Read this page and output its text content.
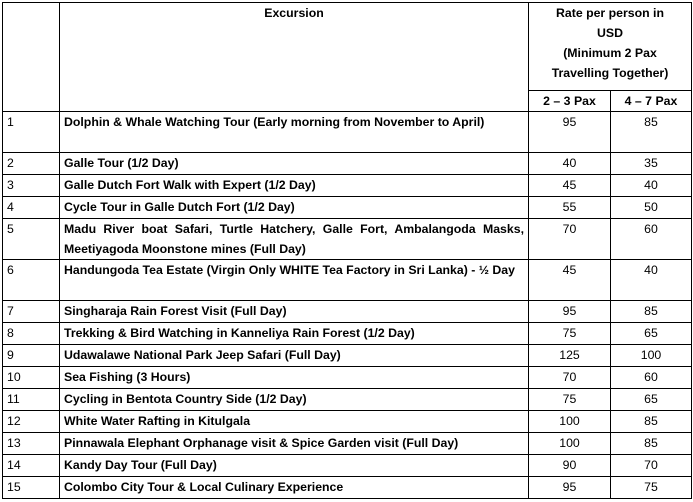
	Excursion	Rate per person in
USD
(Minimum 2 Pax
Travelling Together)	

		2 – 3 Pax	4 – 7 Pax
1	Dolphin & Whale Watching Tour (Early morning from November to April)	95	85
2	Galle Tour (1/2 Day)	40	35
3	Galle Dutch Fort Walk with Expert (1/2 Day)	45	40
4	Cycle Tour in Galle Dutch Fort (1/2 Day)	55	50
5	Madu River boat Safari, Turtle Hatchery, Galle Fort, Ambalangoda Masks, Meetiyagoda Moonstone mines (Full Day)	70	60
6	Handungoda Tea Estate (Virgin Only WHITE Tea Factory in Sri Lanka) - ½ Day	45	40
7	Singharaja Rain Forest Visit (Full Day)	95	85
8	Trekking & Bird Watching in Kanneliya Rain Forest (1/2 Day)	75	65
9	Udawalawe National Park Jeep Safari (Full Day)	125	100
10	Sea Fishing (3 Hours)	70	60
11	Cycling in Bentota Country Side (1/2 Day)	75	65
12	White Water Rafting in Kitulgala	100	85
13	Pinnawala Elephant Orphanage visit & Spice Garden visit (Full Day)	100	85
14	Kandy Day Tour (Full Day)	90	70
15	Colombo City Tour & Local Culinary Experience	95	75
